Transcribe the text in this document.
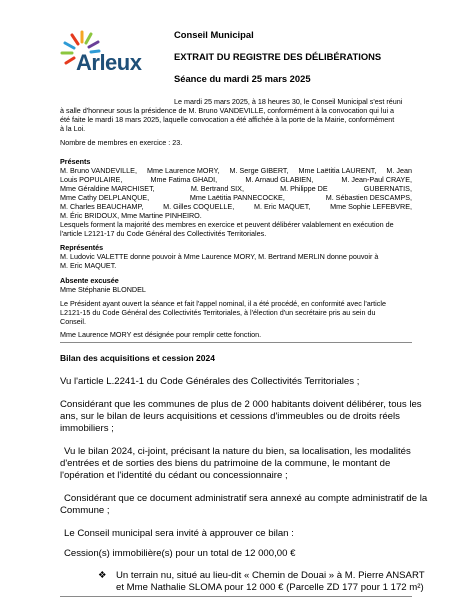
Arleux
Conseil Municipal
EXTRAIT DU REGISTRE DES DÉLIBÉRATIONS
Séance du mardi 25 mars 2025
Le mardi 25 mars 2025, à 18 heures 30, le Conseil Municipal s'est réuni
à salle d'honneur sous la présidence de M. Bruno VANDEVILLE, conformément à la convocation qui lui a
été faite le mardi 18 mars 2025, laquelle convocation a été affichée à la porte de la Mairie, conformément
à la Loi.
Nombre de membres en exercice : 23.
Présents
M. Bruno VANDEVILLE, Mme Laurence MORY, M. Serge GIBERT, Mme Laëtitia LAURENT, M. Jean
Louis POPULAIRE,	Mme Fatima GHADI,	M. Arnaud GLABIEN,	M. Jean-Paul CRAYE,
Mme Géraldine MARCHISET,	M. Bertrand SIX,	M. Philippe DE	GUBERNATIS,
Mme Cathy DELPLANQUE,	Mme Laëtitia PANNECOCKE,	M. Sébastien DESCAMPS,
M. Charles BEAUCHAMP,	M. Gilles COQUELLE,	M. Eric MAQUET,	Mme Sophie LEFEBVRE,
M. Éric BRIDOUX, Mme Martine PINHEIRO.
Lesquels forment la majorité des membres en exercice et peuvent délibérer valablement en exécution de
l'article L2121-17 du Code Général des Collectivités Territoriales.
Représentés
M. Ludovic VALETTE donne pouvoir à Mme Laurence MORY, M. Bertrand MERLIN donne pouvoir à
M. Eric MAQUET.
Absente excusée
Mme Stéphanie BLONDEL
Le Président ayant ouvert la séance et fait l'appel nominal, il a été procédé, en conformité avec l'article
L2121-15 du Code Général des Collectivités Territoriales, à l'élection d'un secrétaire pris au sein du
Conseil.
Mme Laurence MORY est désignée pour remplir cette fonction.
Bilan des acquisitions et cession 2024
Vu l'article L.2241-1 du Code Générales des Collectivités Territoriales ;
Considérant que les communes de plus de 2 000 habitants doivent délibérer, tous les
ans, sur le bilan de leurs acquisitions et cessions d'immeubles ou de droits réels
immobiliers ;
Vu le bilan 2024, ci-joint, précisant la nature du bien, sa localisation, les modalités
d'entrées et de sorties des biens du patrimoine de la commune, le montant de
l'opération et l'identité du cédant ou concessionnaire ;
Considérant que ce document administratif sera annexé au compte administratif de la
Commune ;
Le Conseil municipal sera invité à approuver ce bilan :
Cession(s) immobilière(s) pour un total de 12 000,00 €
❖ Un terrain nu, situé au lieu-dit « Chemin de Douai » à M. Pierre ANSART
et Mme Nathalie SLOMA pour 12 000 € (Parcelle ZD 177 pour 1 172 m²)
